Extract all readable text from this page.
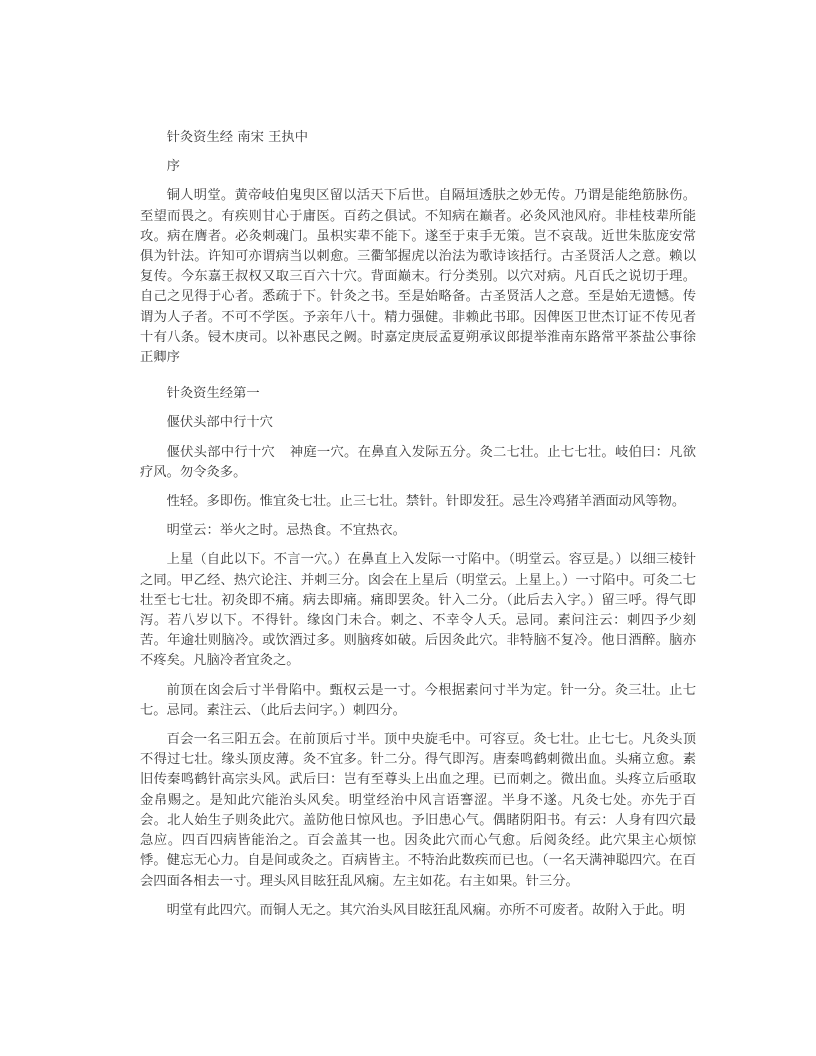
针灸资生经 南宋 王执中

序

铜人明堂。黄帝岐伯鬼臾区留以活天下后世。自隔垣透肤之妙无传。乃谓是能绝筋脉伤。至望而畏之。有疾则甘心于庸医。百药之俱试。不知病在巅者。必灸风池风府。非桂枝辈所能攻。病在膺者。必灸刺魂门。虽枳实辈不能下。遂至于束手无策。岂不哀哉。近世朱肱庞安常俱为针法。许知可亦谓病当以刺愈。三衢邹握虎以治法为歌诗该括行。古圣贤活人之意。赖以复传。今东嘉王叔权又取三百六十穴。背面巅末。行分类别。以穴对病。凡百氏之说切于理。自己之见得于心者。悉疏于下。针灸之书。至是始略备。古圣贤活人之意。至是始无遗憾。传谓为人子者。不可不学医。予亲年八十。精力强健。非赖此书耶。因俾医卫世杰订证不传见者十有八条。锓木庚司。以补惠民之阙。时嘉定庚辰孟夏朔承议郎提举淮南东路常平茶盐公事徐正卿序

针灸资生经第一

偃伏头部中行十穴

偃伏头部中行十穴 神庭一穴。在鼻直入发际五分。灸二七壮。止七七壮。岐伯曰：凡欲疗风。勿令灸多。

性轻。多即伤。惟宜灸七壮。止三七壮。禁针。针即发狂。忌生冷鸡猪羊酒面动风等物。

明堂云：举火之时。忌热食。不宜热衣。

上星（自此以下。不言一穴。）在鼻直上入发际一寸陷中。（明堂云。容豆是。）以细三棱针之同。甲乙经、热穴论注、并刺三分。囟会在上星后（明堂云。上星上。）一寸陷中。可灸二七壮至七七壮。初灸即不痛。病去即痛。痛即罢灸。针入二分。（此后去入字。）留三呼。得气即泻。若八岁以下。不得针。缘囟门未合。刺之、不幸令人夭。忌同。素问注云：刺四予少刻苦。年逾壮则脑冷。或饮酒过多。则脑疼如破。后因灸此穴。非特脑不复冷。他日酒醉。脑亦不疼矣。凡脑冷者宜灸之。

前顶在囟会后寸半骨陷中。甄权云是一寸。今根据素问寸半为定。针一分。灸三壮。止七七。忌同。素注云、（此后去问字。）刺四分。

百会一名三阳五会。在前顶后寸半。顶中央旋毛中。可容豆。灸七壮。止七七。凡灸头顶不得过七壮。缘头顶皮薄。灸不宜多。针二分。得气即泻。唐秦鸣鹤刺微出血。头痛立愈。素旧传秦鸣鹤针高宗头风。武后曰：岂有至尊头上出血之理。已而刺之。微出血。头疼立后亟取金帛赐之。是知此穴能治头风矣。明堂经治中风言语謇涩。半身不遂。凡灸七处。亦先于百会。北人始生子则灸此穴。盖防他日惊风也。予旧患心气。偶睹阴阳书。有云：人身有四穴最急应。四百四病皆能治之。百会盖其一也。因灸此穴而心气愈。后阅灸经。此穴果主心烦惊悸。健忘无心力。自是间或灸之。百病皆主。不特治此数疾而已也。（一名天满神聪四穴。在百会四面各相去一寸。理头风目眩狂乱风痫。左主如花。右主如果。针三分。

明堂有此四穴。而铜人无之。其穴治头风目眩狂乱风痫。亦所不可废者。故附入于此。明
